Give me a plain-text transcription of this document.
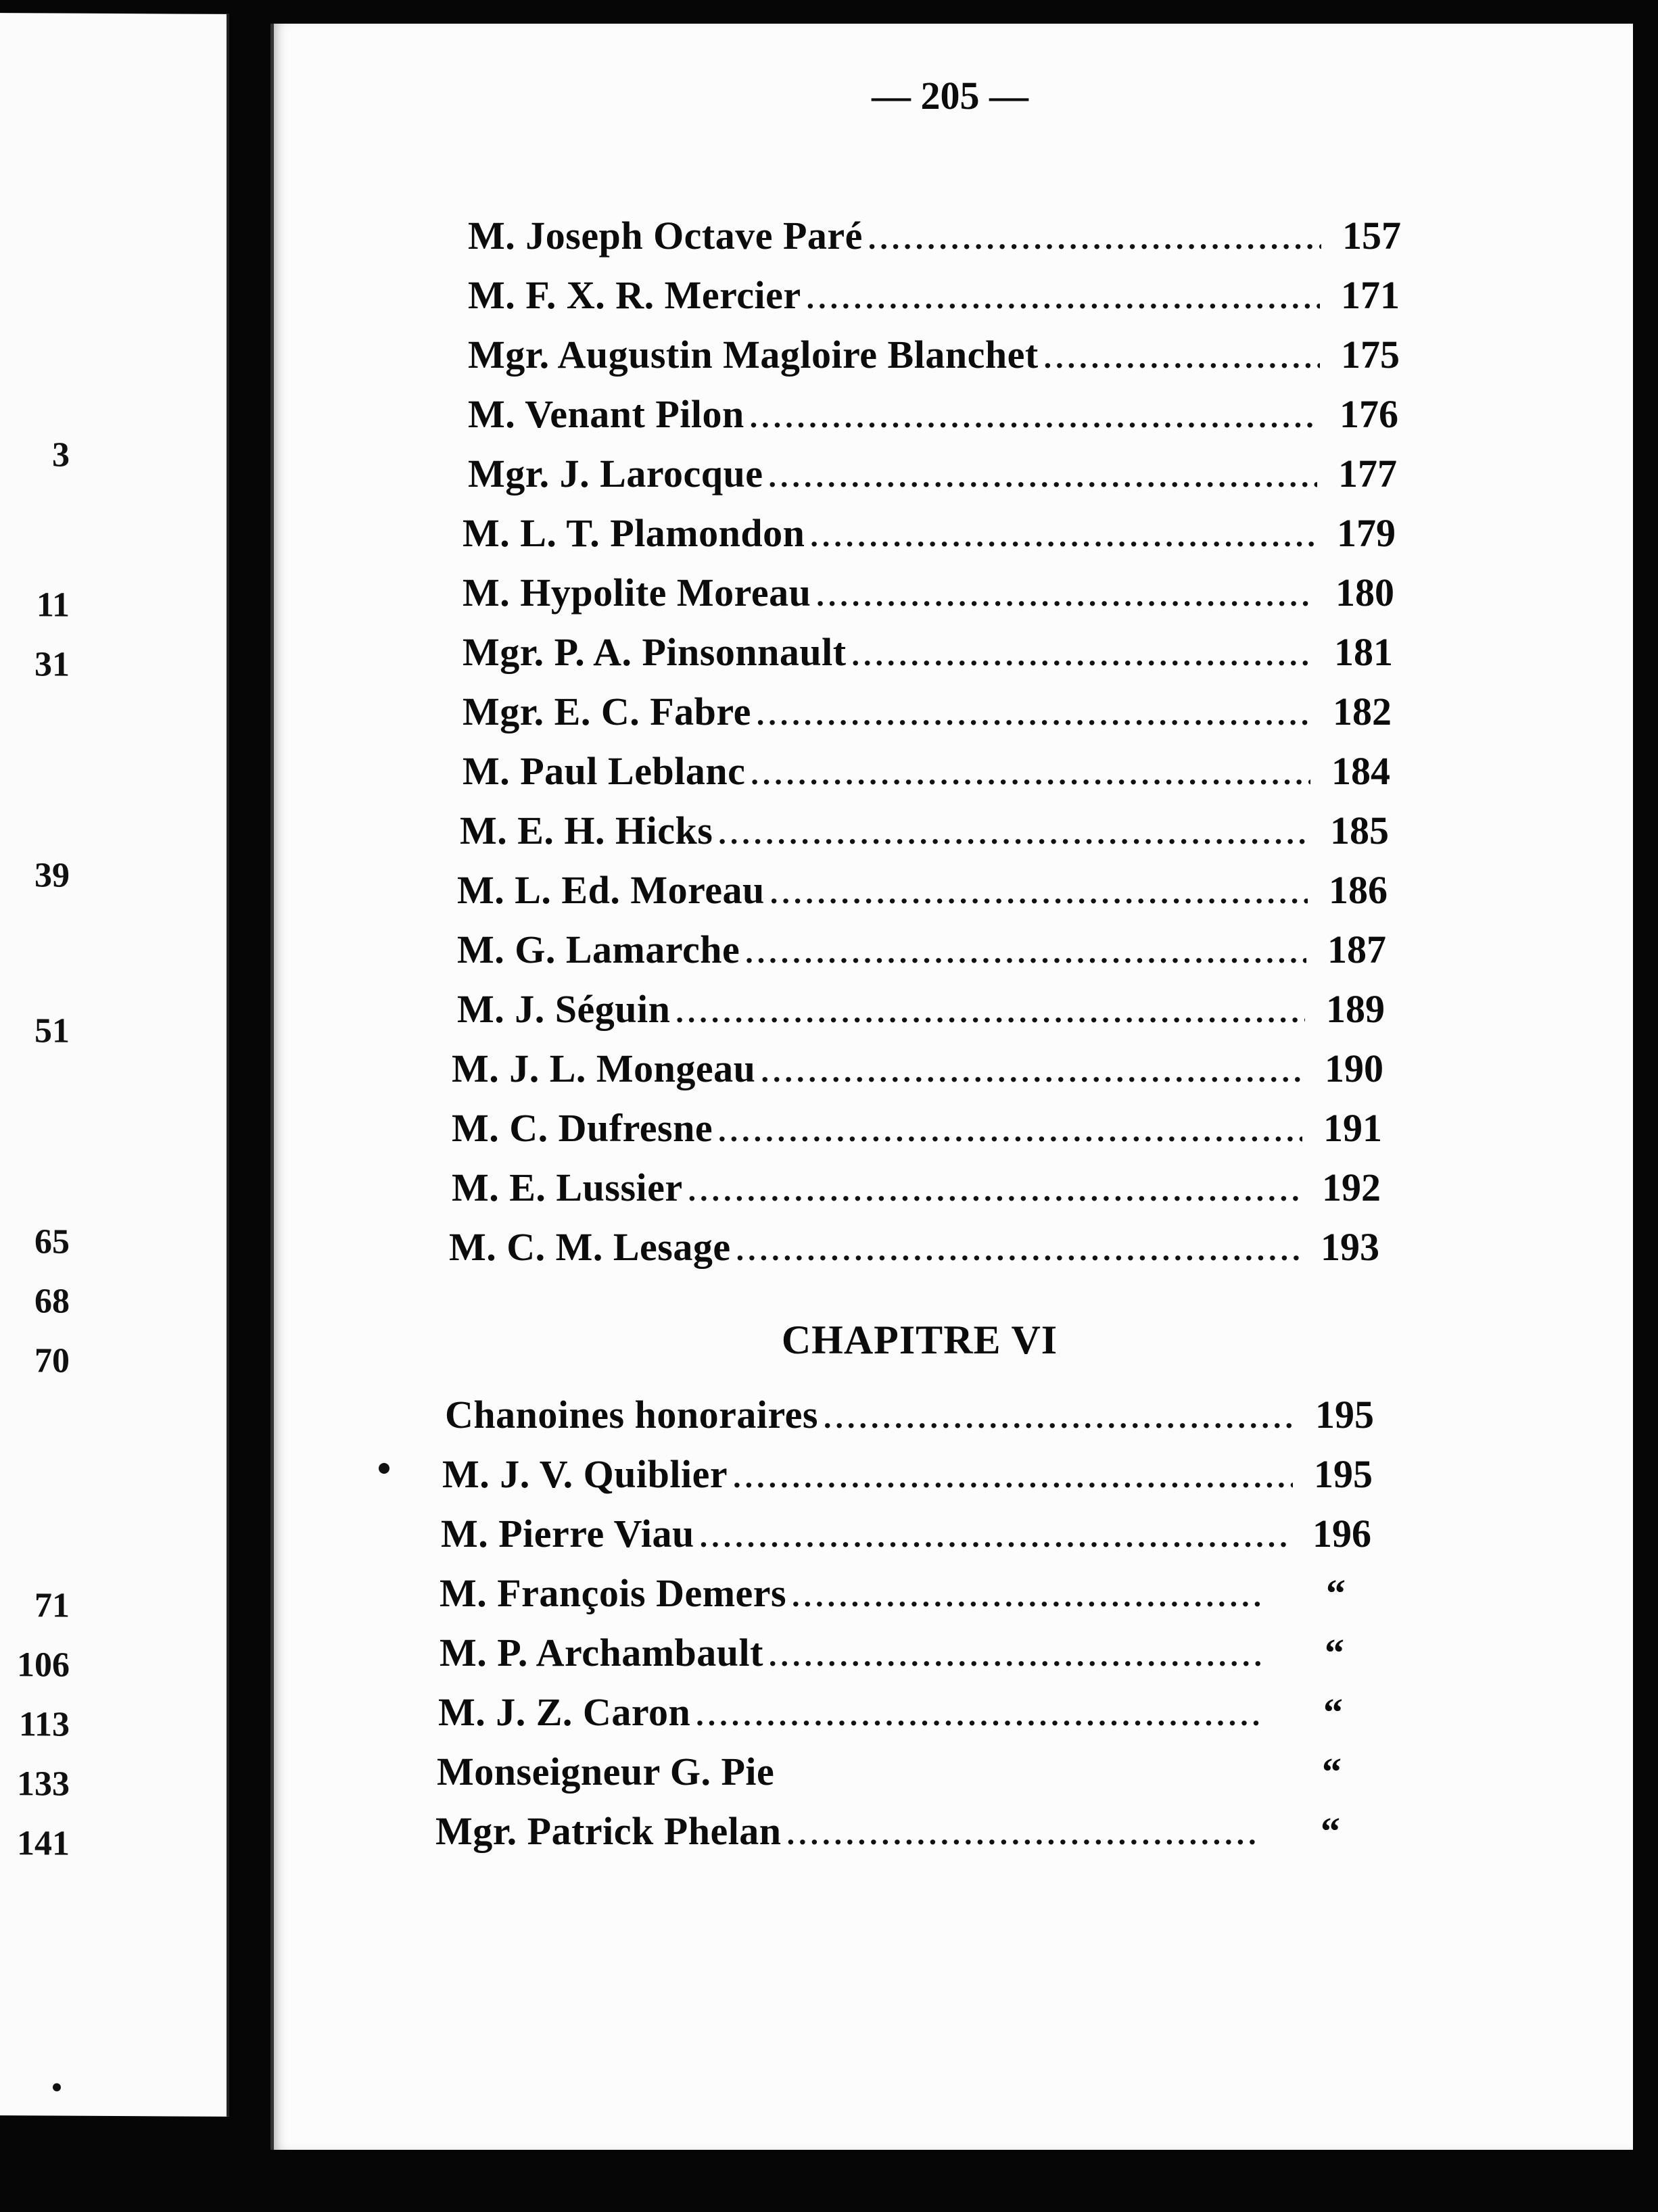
3
11
31
39
51
65
68
70
71
106
113
133
141
— 205 —
M. Joseph Octave Paré .....	157
M. F. X. R. Mercier .....	171
Mgr. Augustin Magloire Blanchet .....	175
M. Venant Pilon .....	176
Mgr. J. Larocque .....	177
M. L. T. Plamondon .....	179
M. Hypolite Moreau .....	180
Mgr. P. A. Pinsonnault .....	181
Mgr. E. C. Fabre .....	182
M. Paul Leblanc .....	184
M. E. H. Hicks .....	185
M. L. Ed. Moreau .....	186
M. G. Lamarche .....	187
M. J. Séguin .....	189
M. J. L. Mongeau .....	190
M. C. Dufresne .....	191
M. E. Lussier .....	192
M. C. M. Lesage .....	193
CHAPITRE VI
Chanoines honoraires .....	195
M. J. V. Quiblier .....	195
M. Pierre Viau .....	196
M. François Demers .....	“
M. P. Archambault .....	“
M. J. Z. Caron .....	“
Monseigneur G. Pie	“
Mgr. Patrick Phelan .....	“
